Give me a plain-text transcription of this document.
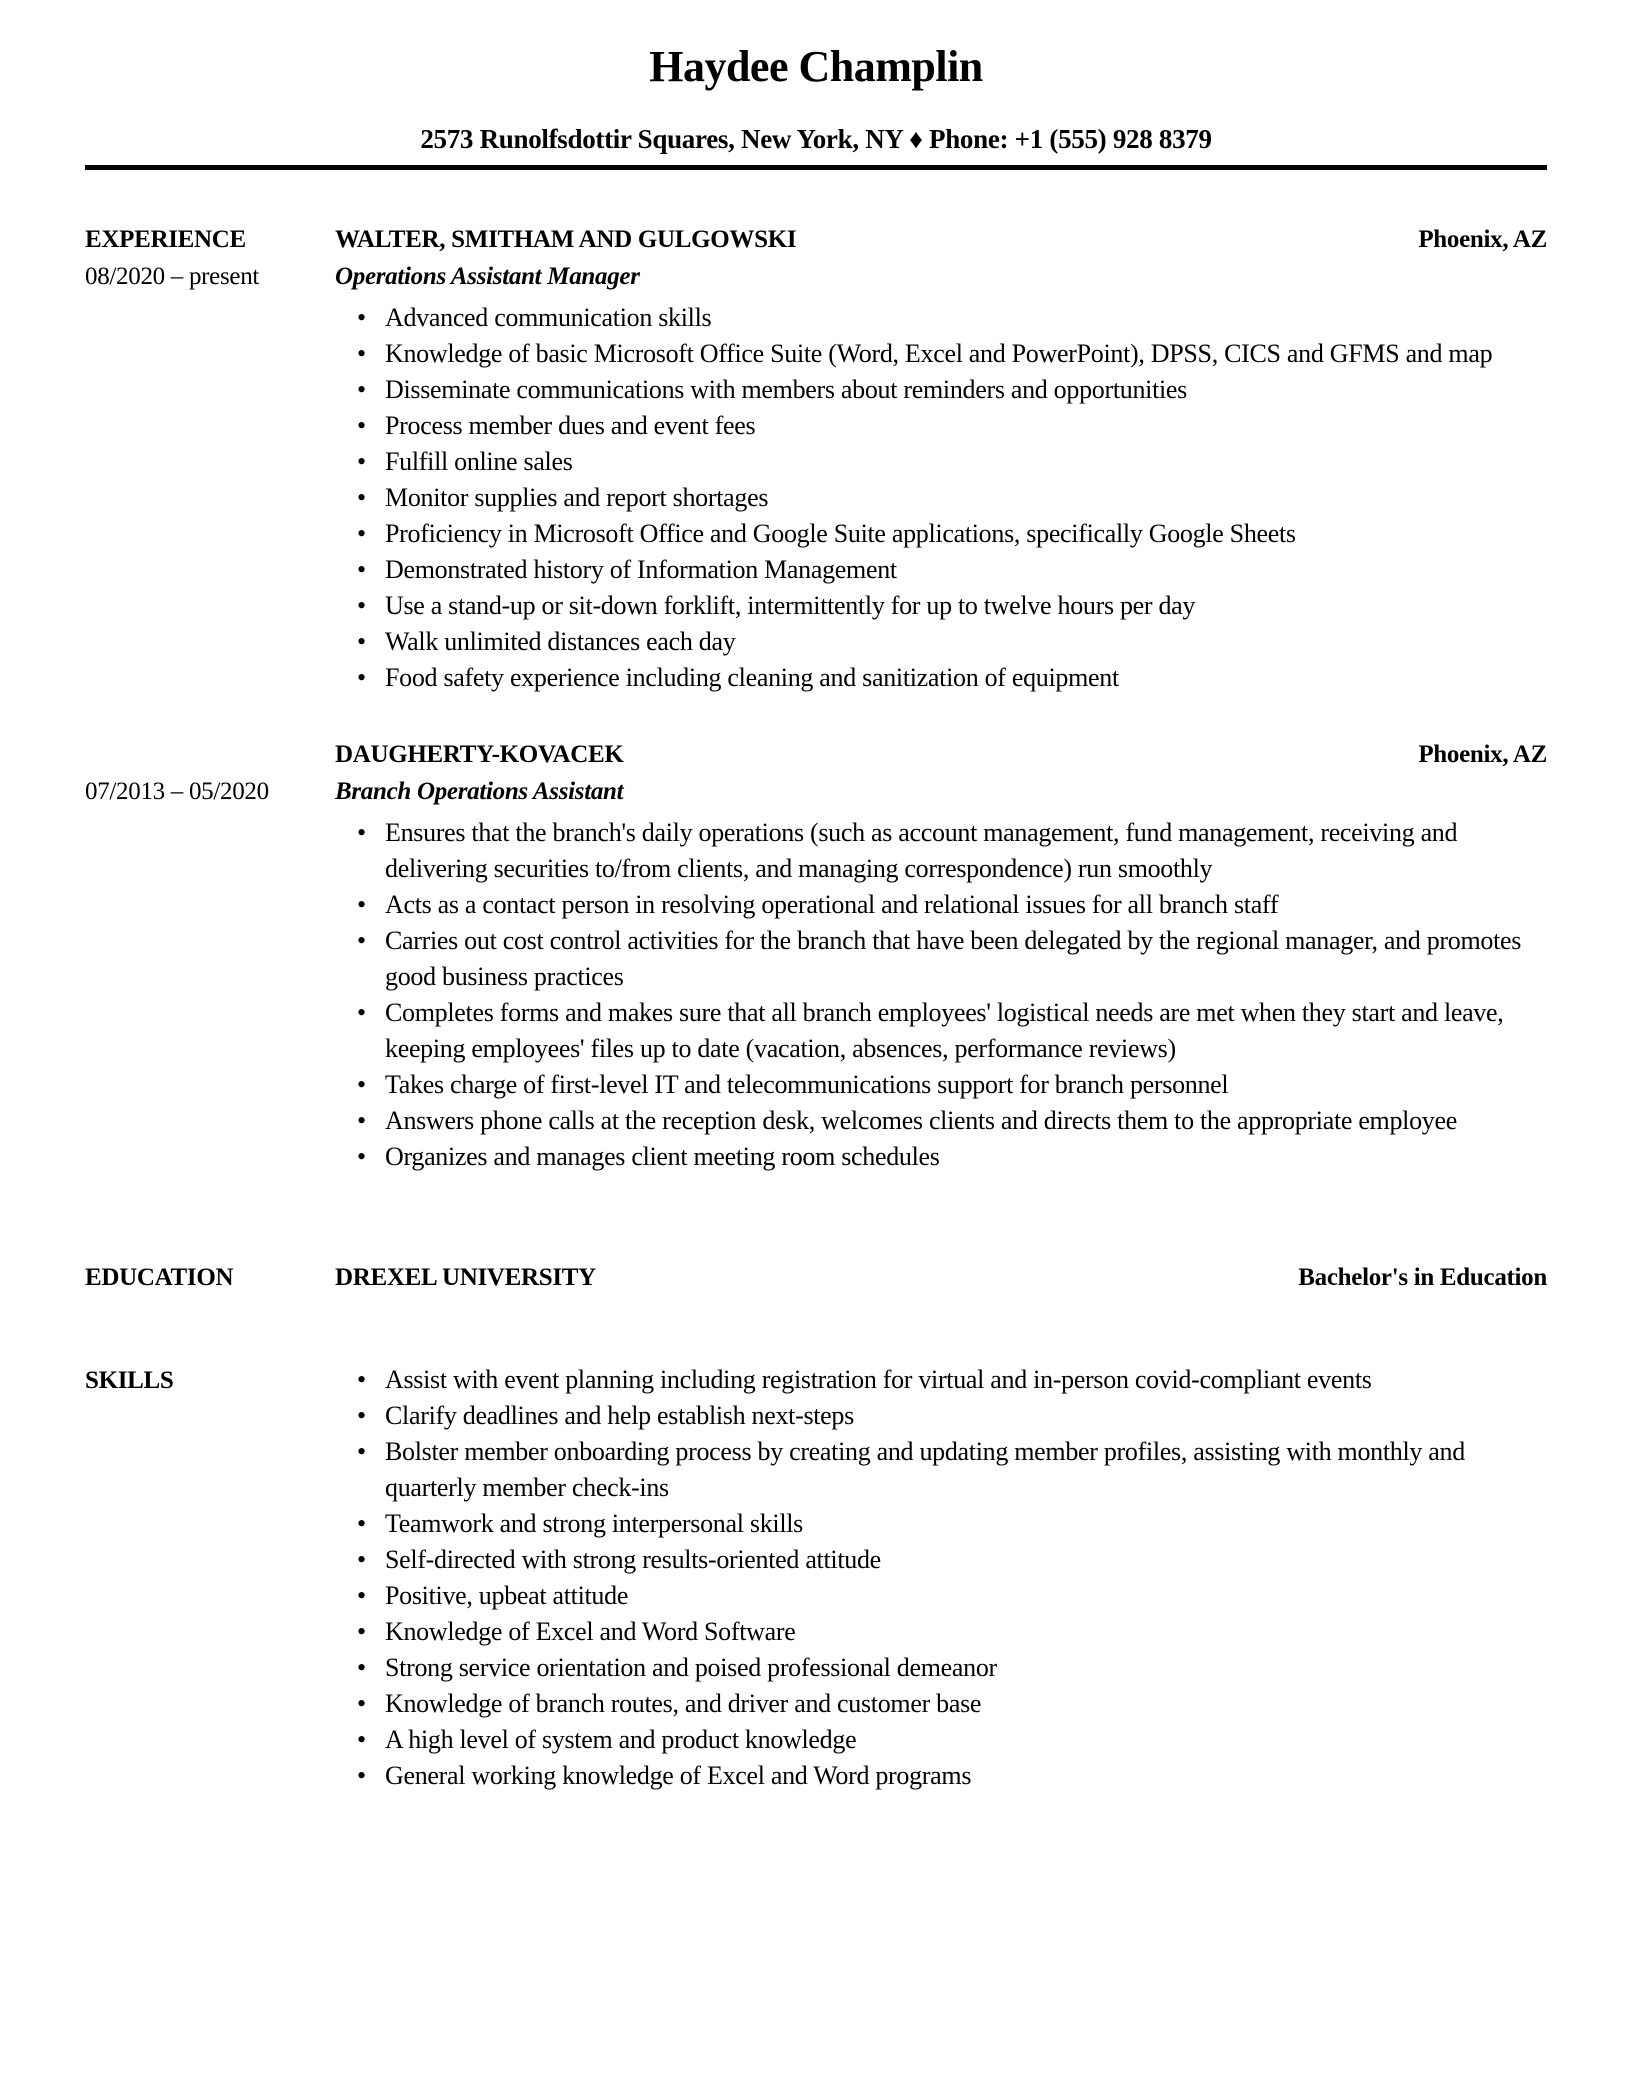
Haydee Champlin
2573 Runolfsdottir Squares, New York, NY ♦ Phone: +1 (555) 928 8379
EXPERIENCE
08/2020 – present
WALTER, SMITHAM AND GULGOWSKI	Phoenix, AZ
Operations Assistant Manager
• Advanced communication skills
• Knowledge of basic Microsoft Office Suite (Word, Excel and PowerPoint), DPSS, CICS and GFMS and map
• Disseminate communications with members about reminders and opportunities
• Process member dues and event fees
• Fulfill online sales
• Monitor supplies and report shortages
• Proficiency in Microsoft Office and Google Suite applications, specifically Google Sheets
• Demonstrated history of Information Management
• Use a stand-up or sit-down forklift, intermittently for up to twelve hours per day
• Walk unlimited distances each day
• Food safety experience including cleaning and sanitization of equipment
07/2013 – 05/2020
DAUGHERTY-KOVACEK	Phoenix, AZ
Branch Operations Assistant
• Ensures that the branch's daily operations (such as account management, fund management, receiving and delivering securities to/from clients, and managing correspondence) run smoothly
• Acts as a contact person in resolving operational and relational issues for all branch staff
• Carries out cost control activities for the branch that have been delegated by the regional manager, and promotes good business practices
• Completes forms and makes sure that all branch employees' logistical needs are met when they start and leave, keeping employees' files up to date (vacation, absences, performance reviews)
• Takes charge of first-level IT and telecommunications support for branch personnel
• Answers phone calls at the reception desk, welcomes clients and directs them to the appropriate employee
• Organizes and manages client meeting room schedules
EDUCATION	DREXEL UNIVERSITY	Bachelor's in Education
SKILLS	• Assist with event planning including registration for virtual and in-person covid-compliant events
• Clarify deadlines and help establish next-steps
• Bolster member onboarding process by creating and updating member profiles, assisting with monthly and quarterly member check-ins
• Teamwork and strong interpersonal skills
• Self-directed with strong results-oriented attitude
• Positive, upbeat attitude
• Knowledge of Excel and Word Software
• Strong service orientation and poised professional demeanor
• Knowledge of branch routes, and driver and customer base
• A high level of system and product knowledge
• General working knowledge of Excel and Word programs
